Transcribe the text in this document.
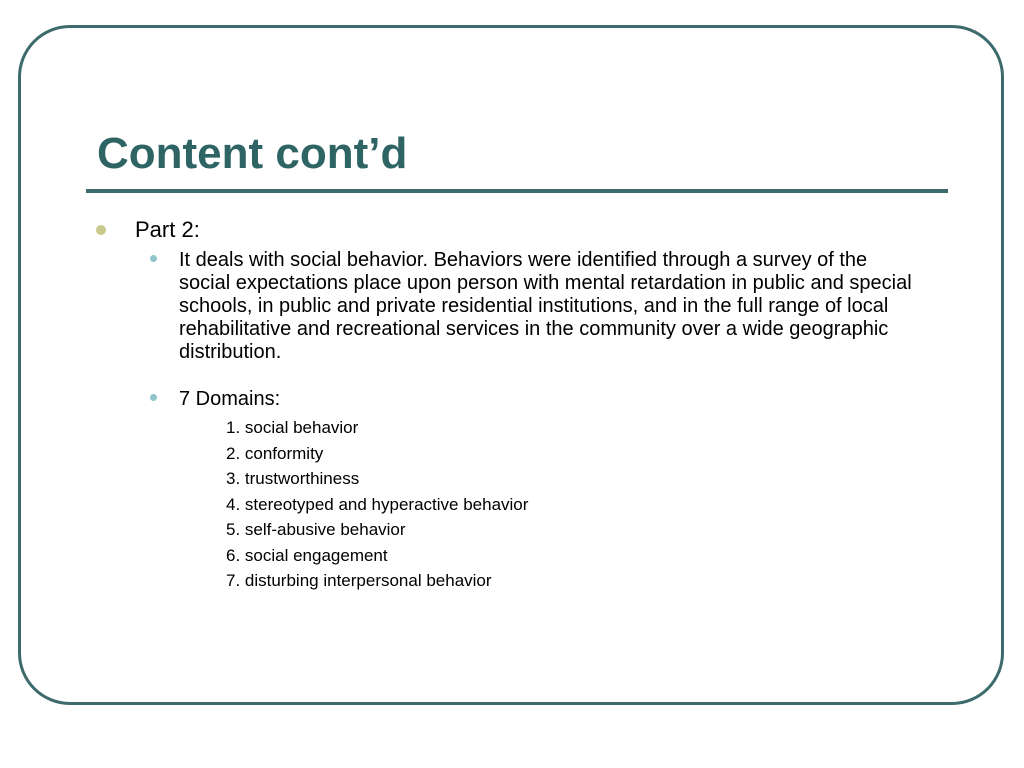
Content cont’d
Part 2:
It deals with social behavior. Behaviors were identified through a survey of the social expectations place upon person with mental retardation in public and special schools, in public and private residential institutions, and in the full range of local rehabilitative and recreational services in the community over a wide geographic distribution.
7 Domains:
1. social behavior
2. conformity
3. trustworthiness
4. stereotyped and hyperactive behavior
5. self-abusive behavior
6. social engagement
7. disturbing interpersonal behavior
